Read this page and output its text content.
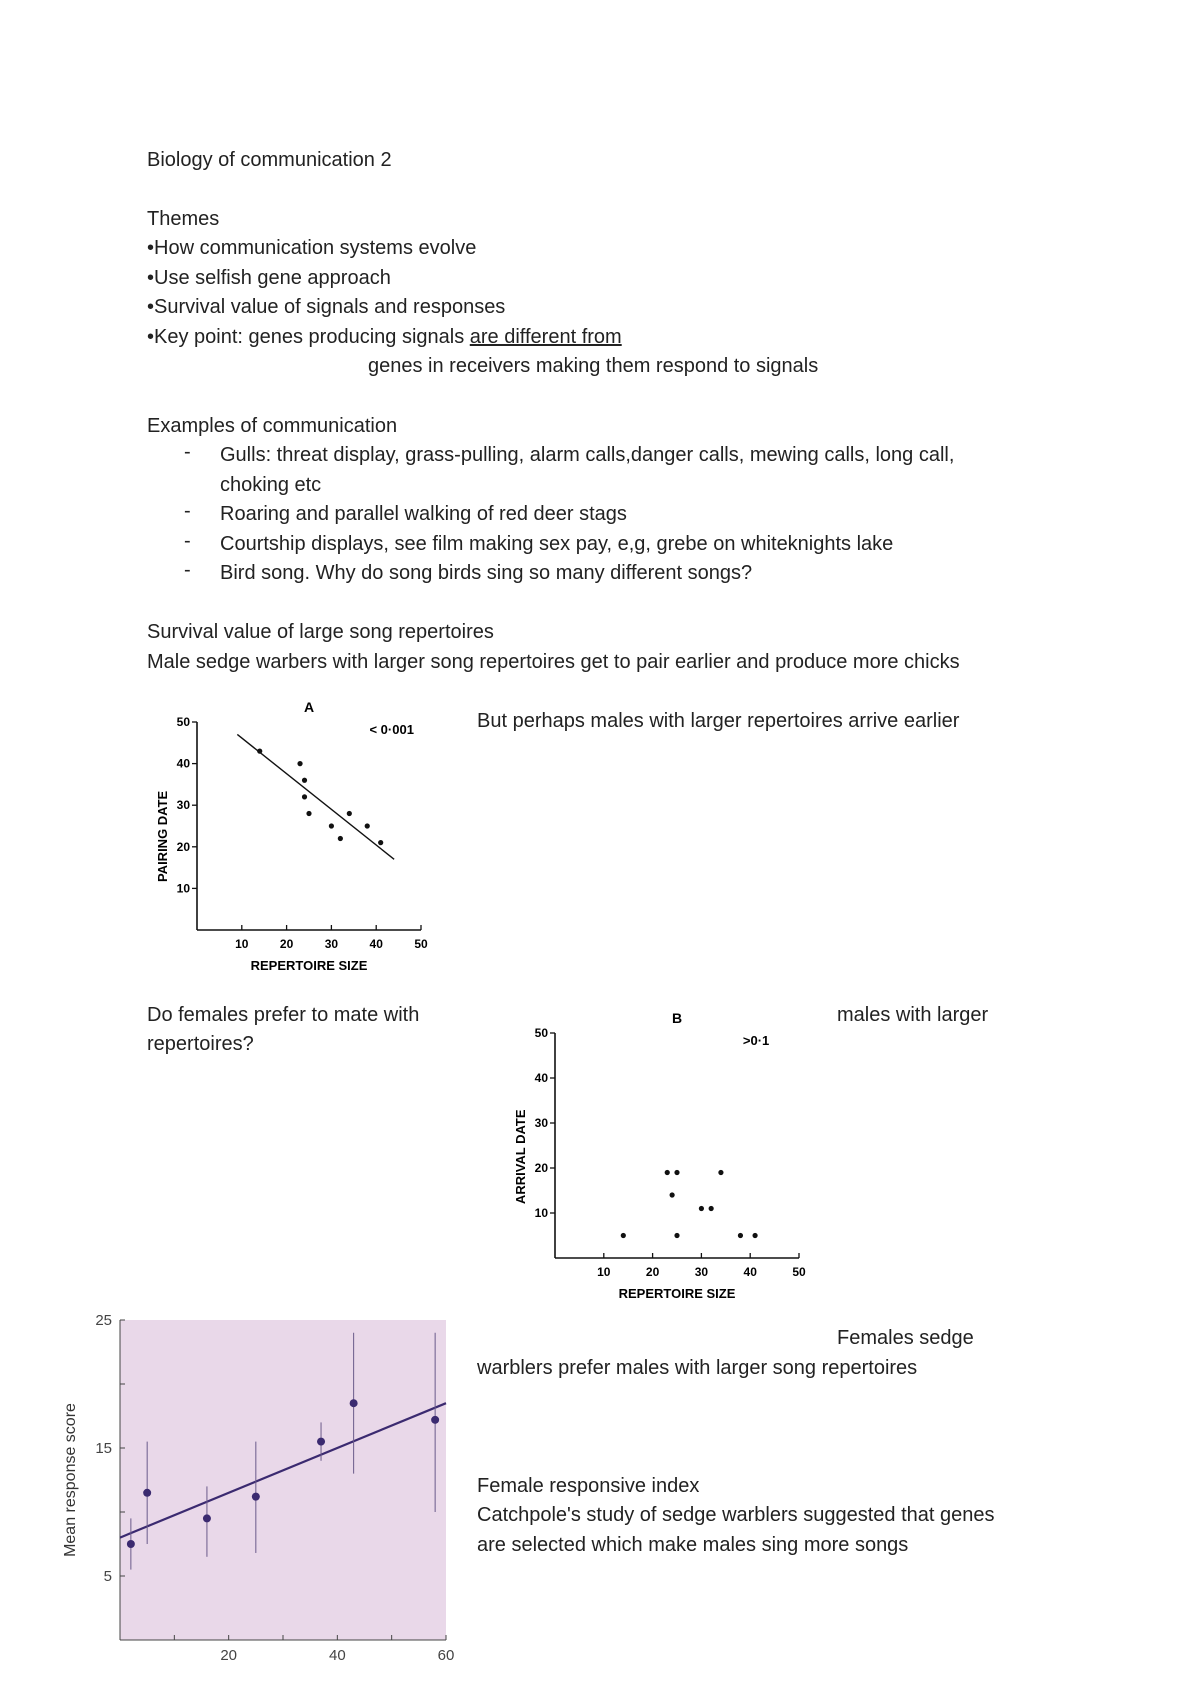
Biology of communication 2
Themes
•How communication systems evolve
•Use selfish gene approach
•Survival value of signals and responses
•Key point: genes producing signals are different from
genes in receivers making them respond to signals
Examples of communication
- Gulls: threat display, grass-pulling, alarm calls,danger calls, mewing calls, long call,
choking etc
- Roaring and parallel walking of red deer stags
- Courtship displays, see film making sex pay, e,g, grebe on whiteknights lake
- Bird song. Why do song birds sing so many different songs?
Survival value of large song repertoires
Male sedge warbers with larger song repertoires get to pair earlier and produce more chicks
But perhaps males with larger repertoires arrive earlier
Do females prefer to mate with	males with larger
repertoires?
Females sedge
warblers prefer males with larger song repertoires
Female responsive index
Catchpole's study of sedge warblers suggested that genes
are selected which make males sing more songs
10	20	30	40	50
10
20
30
40
50
REPERTOIRE SIZE
PAIRING DATE
A
< 0·001
10	20	30	40	50
10
20
30
40
50
REPERTOIRE SIZE
ARRIVAL DATE
B
>0·1
20	40	60
5
15
25
Mean response score
